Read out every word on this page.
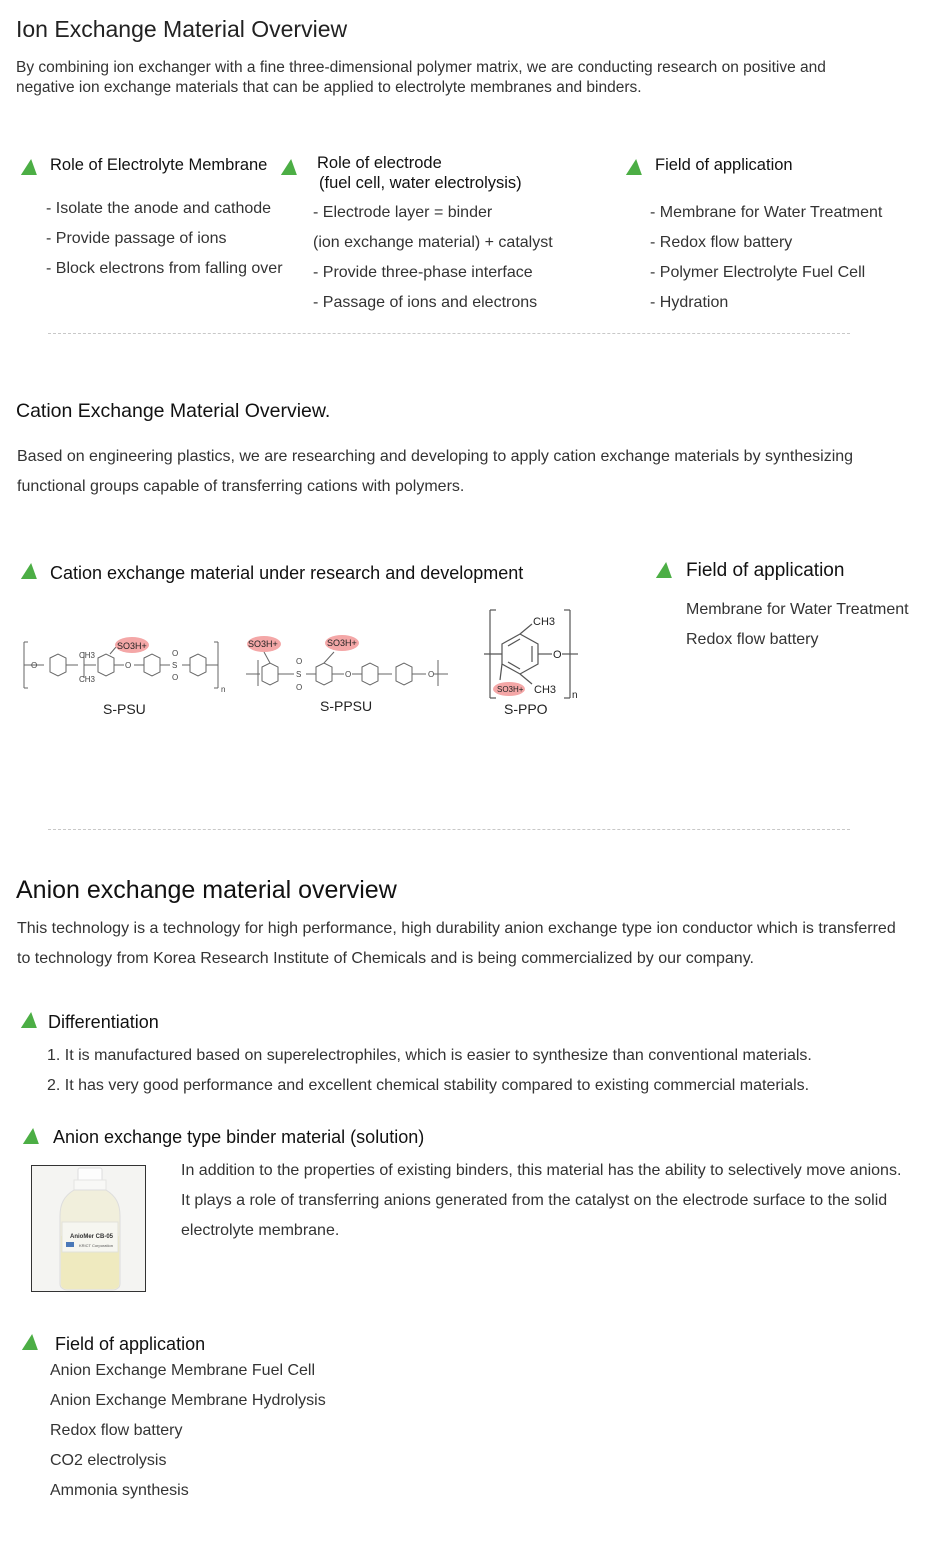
Ion Exchange Material Overview
By combining ion exchanger with a fine three-dimensional polymer matrix, we are conducting research on positive and
negative ion exchange materials that can be applied to electrolyte membranes and binders.
Role of Electrolyte Membrane
- Isolate the anode and cathode
- Provide passage of ions
- Block electrons from falling over
Role of electrode
(fuel cell, water electrolysis)
- Electrode layer = binder
(ion exchange material) + catalyst
- Provide three-phase interface
- Passage of ions and electrons
Field of application
- Membrane for Water Treatment
- Redox flow battery
- Polymer Electrolyte Fuel Cell
- Hydration
Cation Exchange Material Overview.
Based on engineering plastics, we are researching and developing to apply cation exchange materials by synthesizing
functional groups capable of transferring cations with polymers.
Cation exchange material under research and development
SO3H+
O
CH3
CH3
O	S
O
O
n
S-PSU
SO3H+	SO3H+
S
O
O
O	O
S-PPSU
SO3H+
CH3
CH3
O
n
S-PPO
Field of application
Membrane for Water Treatment
Redox flow battery
Anion exchange material overview
This technology is a technology for high performance, high durability anion exchange type ion conductor which is transferred
to technology from Korea Research Institute of Chemicals and is being commercialized by our company.
Differentiation
1. It is manufactured based on superelectrophiles, which is easier to synthesize than conventional materials.
2. It has very good performance and excellent chemical stability compared to existing commercial materials.
Anion exchange type binder material (solution)
AnioMer CB-05
KRICT Corporation
In addition to the properties of existing binders, this material has the ability to selectively move anions.
It plays a role of transferring anions generated from the catalyst on the electrode surface to the solid
electrolyte membrane.
Field of application
Anion Exchange Membrane Fuel Cell
Anion Exchange Membrane Hydrolysis
Redox flow battery
CO2 electrolysis
Ammonia synthesis
